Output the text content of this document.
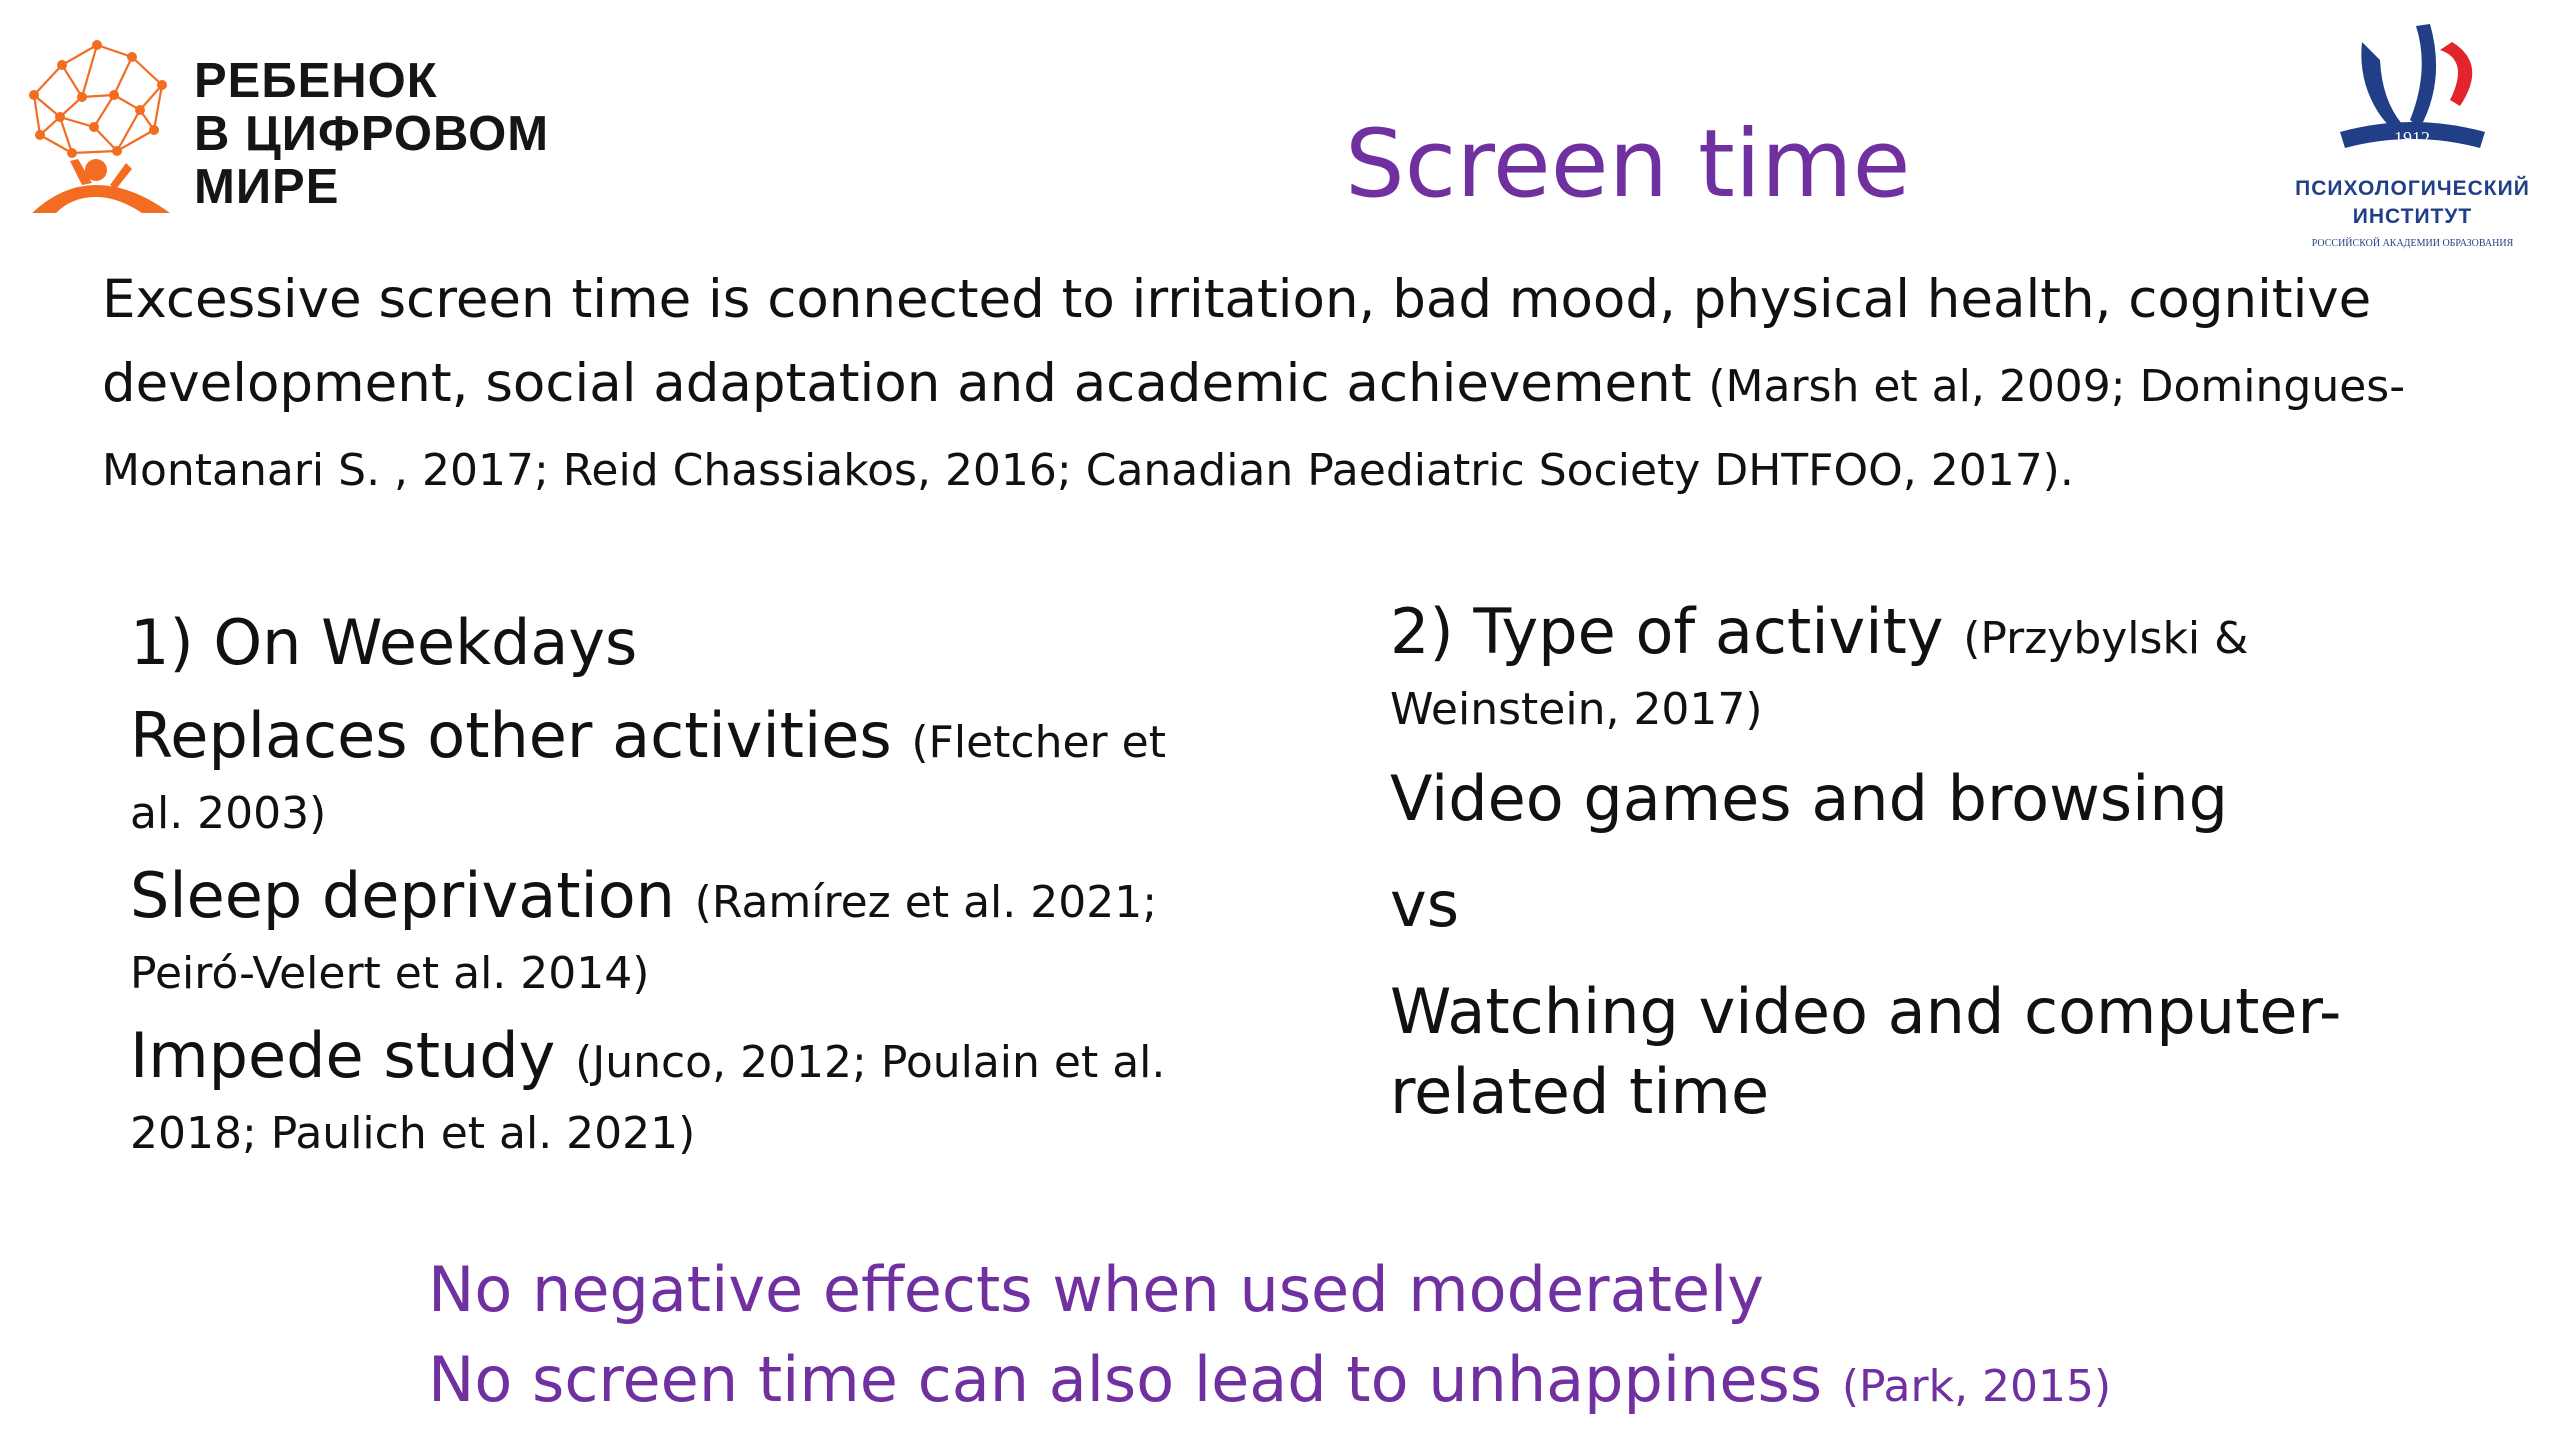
РЕБЕНОК
В ЦИФРОВОМ
МИРЕ	Screen time	1912
ПСИХОЛОГИЧЕСКИЙ
ИНСТИТУТ
РОССИЙСКОЙ АКАДЕМИИ ОБРАЗОВАНИЯ
Excessive screen time is connected to irritation, bad mood, physical health, cognitive development, social adaptation and academic achievement (Marsh et al, 2009; Domingues-Montanari S. , 2017; Reid Chassiakos, 2016; Canadian Paediatric Society DHTFOO, 2017).
1) On Weekdays
Replaces other activities (Fletcher et al. 2003)
Sleep deprivation (Ramírez et al. 2021; Peiró-Velert et al. 2014)
Impede study (Junco, 2012; Poulain et al. 2018; Paulich et al. 2021)
2) Type of activity (Przybylski & Weinstein, 2017)
Video games and browsing
vs
Watching video and computer-related time
No negative effects when used moderately
No screen time can also lead to unhappiness (Park, 2015)
